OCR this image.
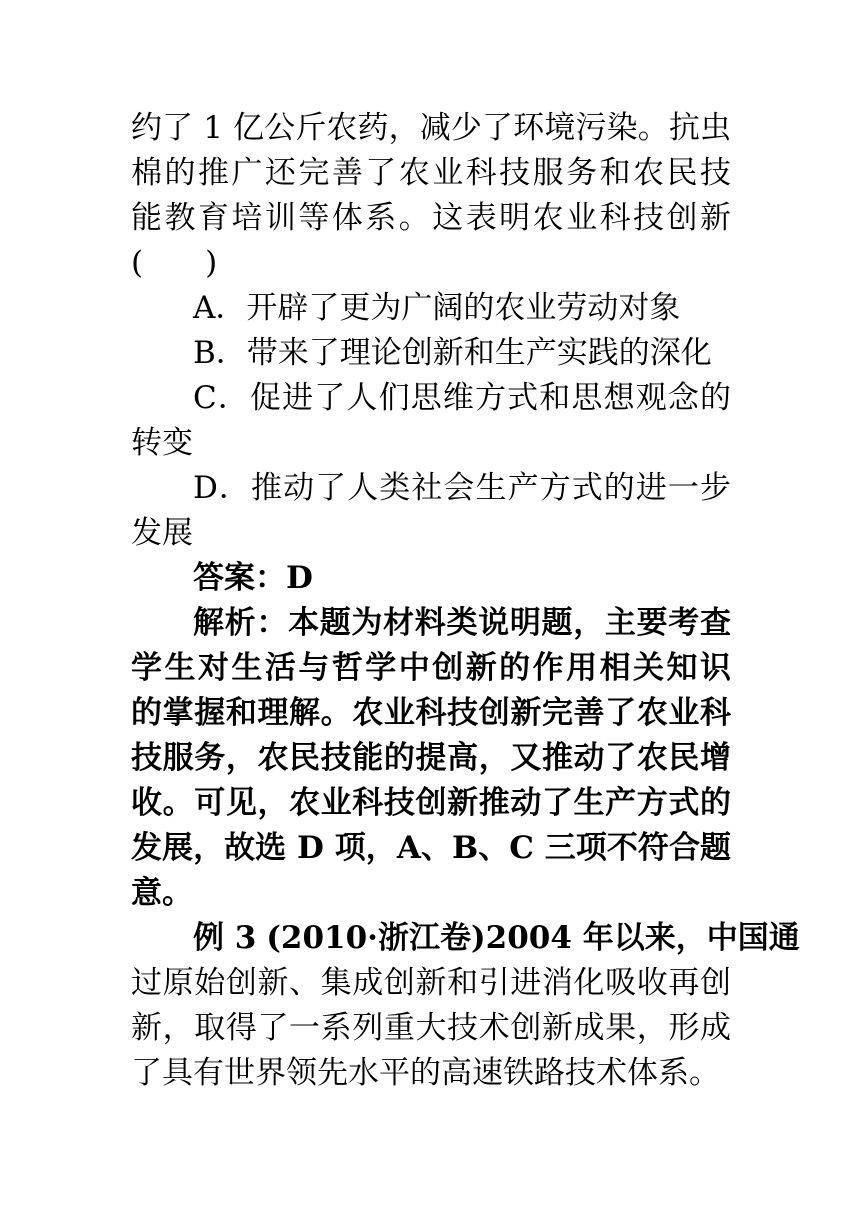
约了 1 亿公斤农药，减少了环境污染。抗虫
棉的推广还完善了农业科技服务和农民技
能教育培训等体系。这表明农业科技创新
(　　)
A．开辟了更为广阔的农业劳动对象
B．带来了理论创新和生产实践的深化
C．促进了人们思维方式和思想观念的
转变
D．推动了人类社会生产方式的进一步
发展
答案：D
解析：本题为材料类说明题，主要考查
学生对生活与哲学中创新的作用相关知识
的掌握和理解。农业科技创新完善了农业科
技服务，农民技能的提高，又推动了农民增
收。可见，农业科技创新推动了生产方式的
发展，故选 D 项，A、B、C 三项不符合题
意。
例 3 (2010·浙江卷)2004 年以来，中国通
过原始创新、集成创新和引进消化吸收再创
新，取得了一系列重大技术创新成果，形成
了具有世界领先水平的高速铁路技术体系。
